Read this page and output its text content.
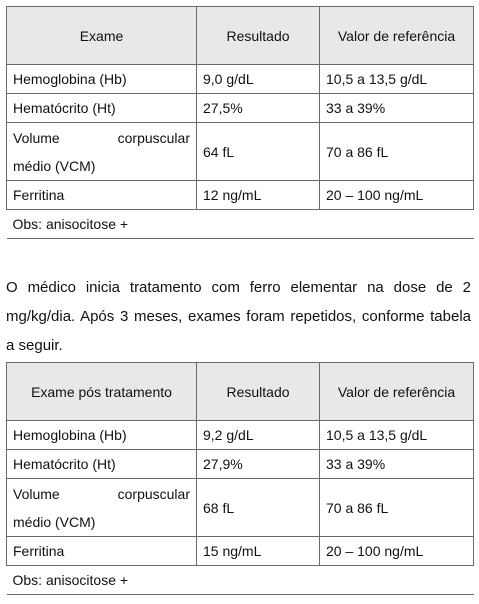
Exame	Resultado	Valor de referência
Hemoglobina (Hb)	9,0 g/dL	10,5 a 13,5 g/dL
Hematócrito (Ht)	27,5%	33 a 39%

Volume corpuscular
médio (VCM)	64 fL	70 a 86 fL
Ferritina	12 ng/mL	20 – 100 ng/mL
Obs: anisocitose +		

O médico inicia tratamento com ferro elementar na dose de 2 mg/kg/dia. Após 3 meses, exames foram repetidos, conforme tabela a seguir.

Exame pós tratamento	Resultado	Valor de referência
Hemoglobina (Hb)	9,2 g/dL	10,5 a 13,5 g/dL
Hematócrito (Ht)	27,9%	33 a 39%

Volume corpuscular
médio (VCM)	68 fL	70 a 86 fL
Ferritina	15 ng/mL	20 – 100 ng/mL
Obs: anisocitose +		
